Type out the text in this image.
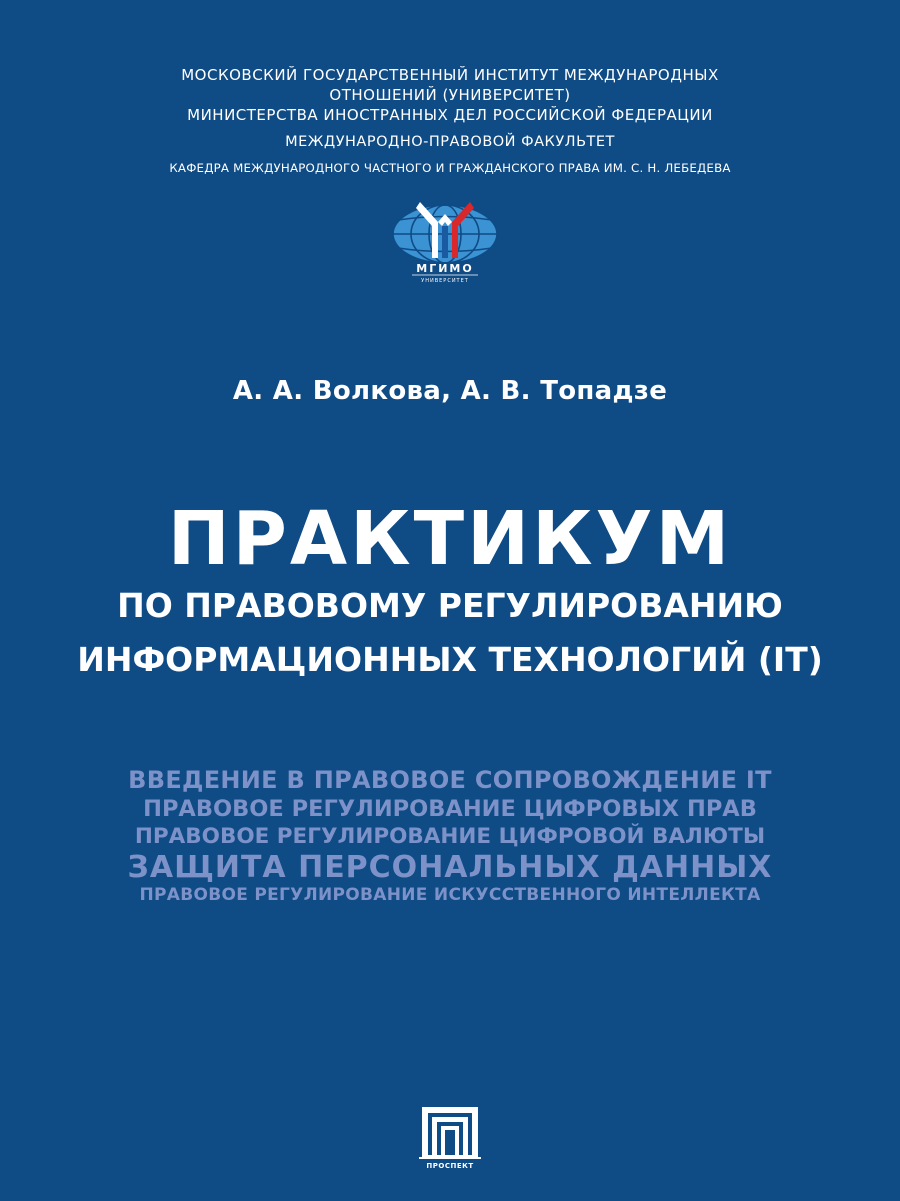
МОСКОВСКИЙ ГОСУДАРСТВЕННЫЙ ИНСТИТУТ МЕЖДУНАРОДНЫХ
ОТНОШЕНИЙ (УНИВЕРСИТЕТ)
МИНИСТЕРСТВА ИНОСТРАННЫХ ДЕЛ РОССИЙСКОЙ ФЕДЕРАЦИИ
МЕЖДУНАРОДНО-ПРАВОВОЙ ФАКУЛЬТЕТ
КАФЕДРА МЕЖДУНАРОДНОГО ЧАСТНОГО И ГРАЖДАНСКОГО ПРАВА ИМ. С. Н. ЛЕБЕДЕВА
МГИМО
УНИВЕРСИТЕТ
А. А. Волкова, А. В. Топадзе
ПРАКТИКУМ
ПО ПРАВОВОМУ РЕГУЛИРОВАНИЮ
ИНФОРМАЦИОННЫХ ТЕХНОЛОГИЙ (IT)
ВВЕДЕНИЕ В ПРАВОВОЕ СОПРОВОЖДЕНИЕ IT
ПРАВОВОЕ РЕГУЛИРОВАНИЕ ЦИФРОВЫХ ПРАВ
ПРАВОВОЕ РЕГУЛИРОВАНИЕ ЦИФРОВОЙ ВАЛЮТЫ
ЗАЩИТА ПЕРСОНАЛЬНЫХ ДАННЫХ
ПРАВОВОЕ РЕГУЛИРОВАНИЕ ИСКУССТВЕННОГО ИНТЕЛЛЕКТА
ПРОСПЕКТ
